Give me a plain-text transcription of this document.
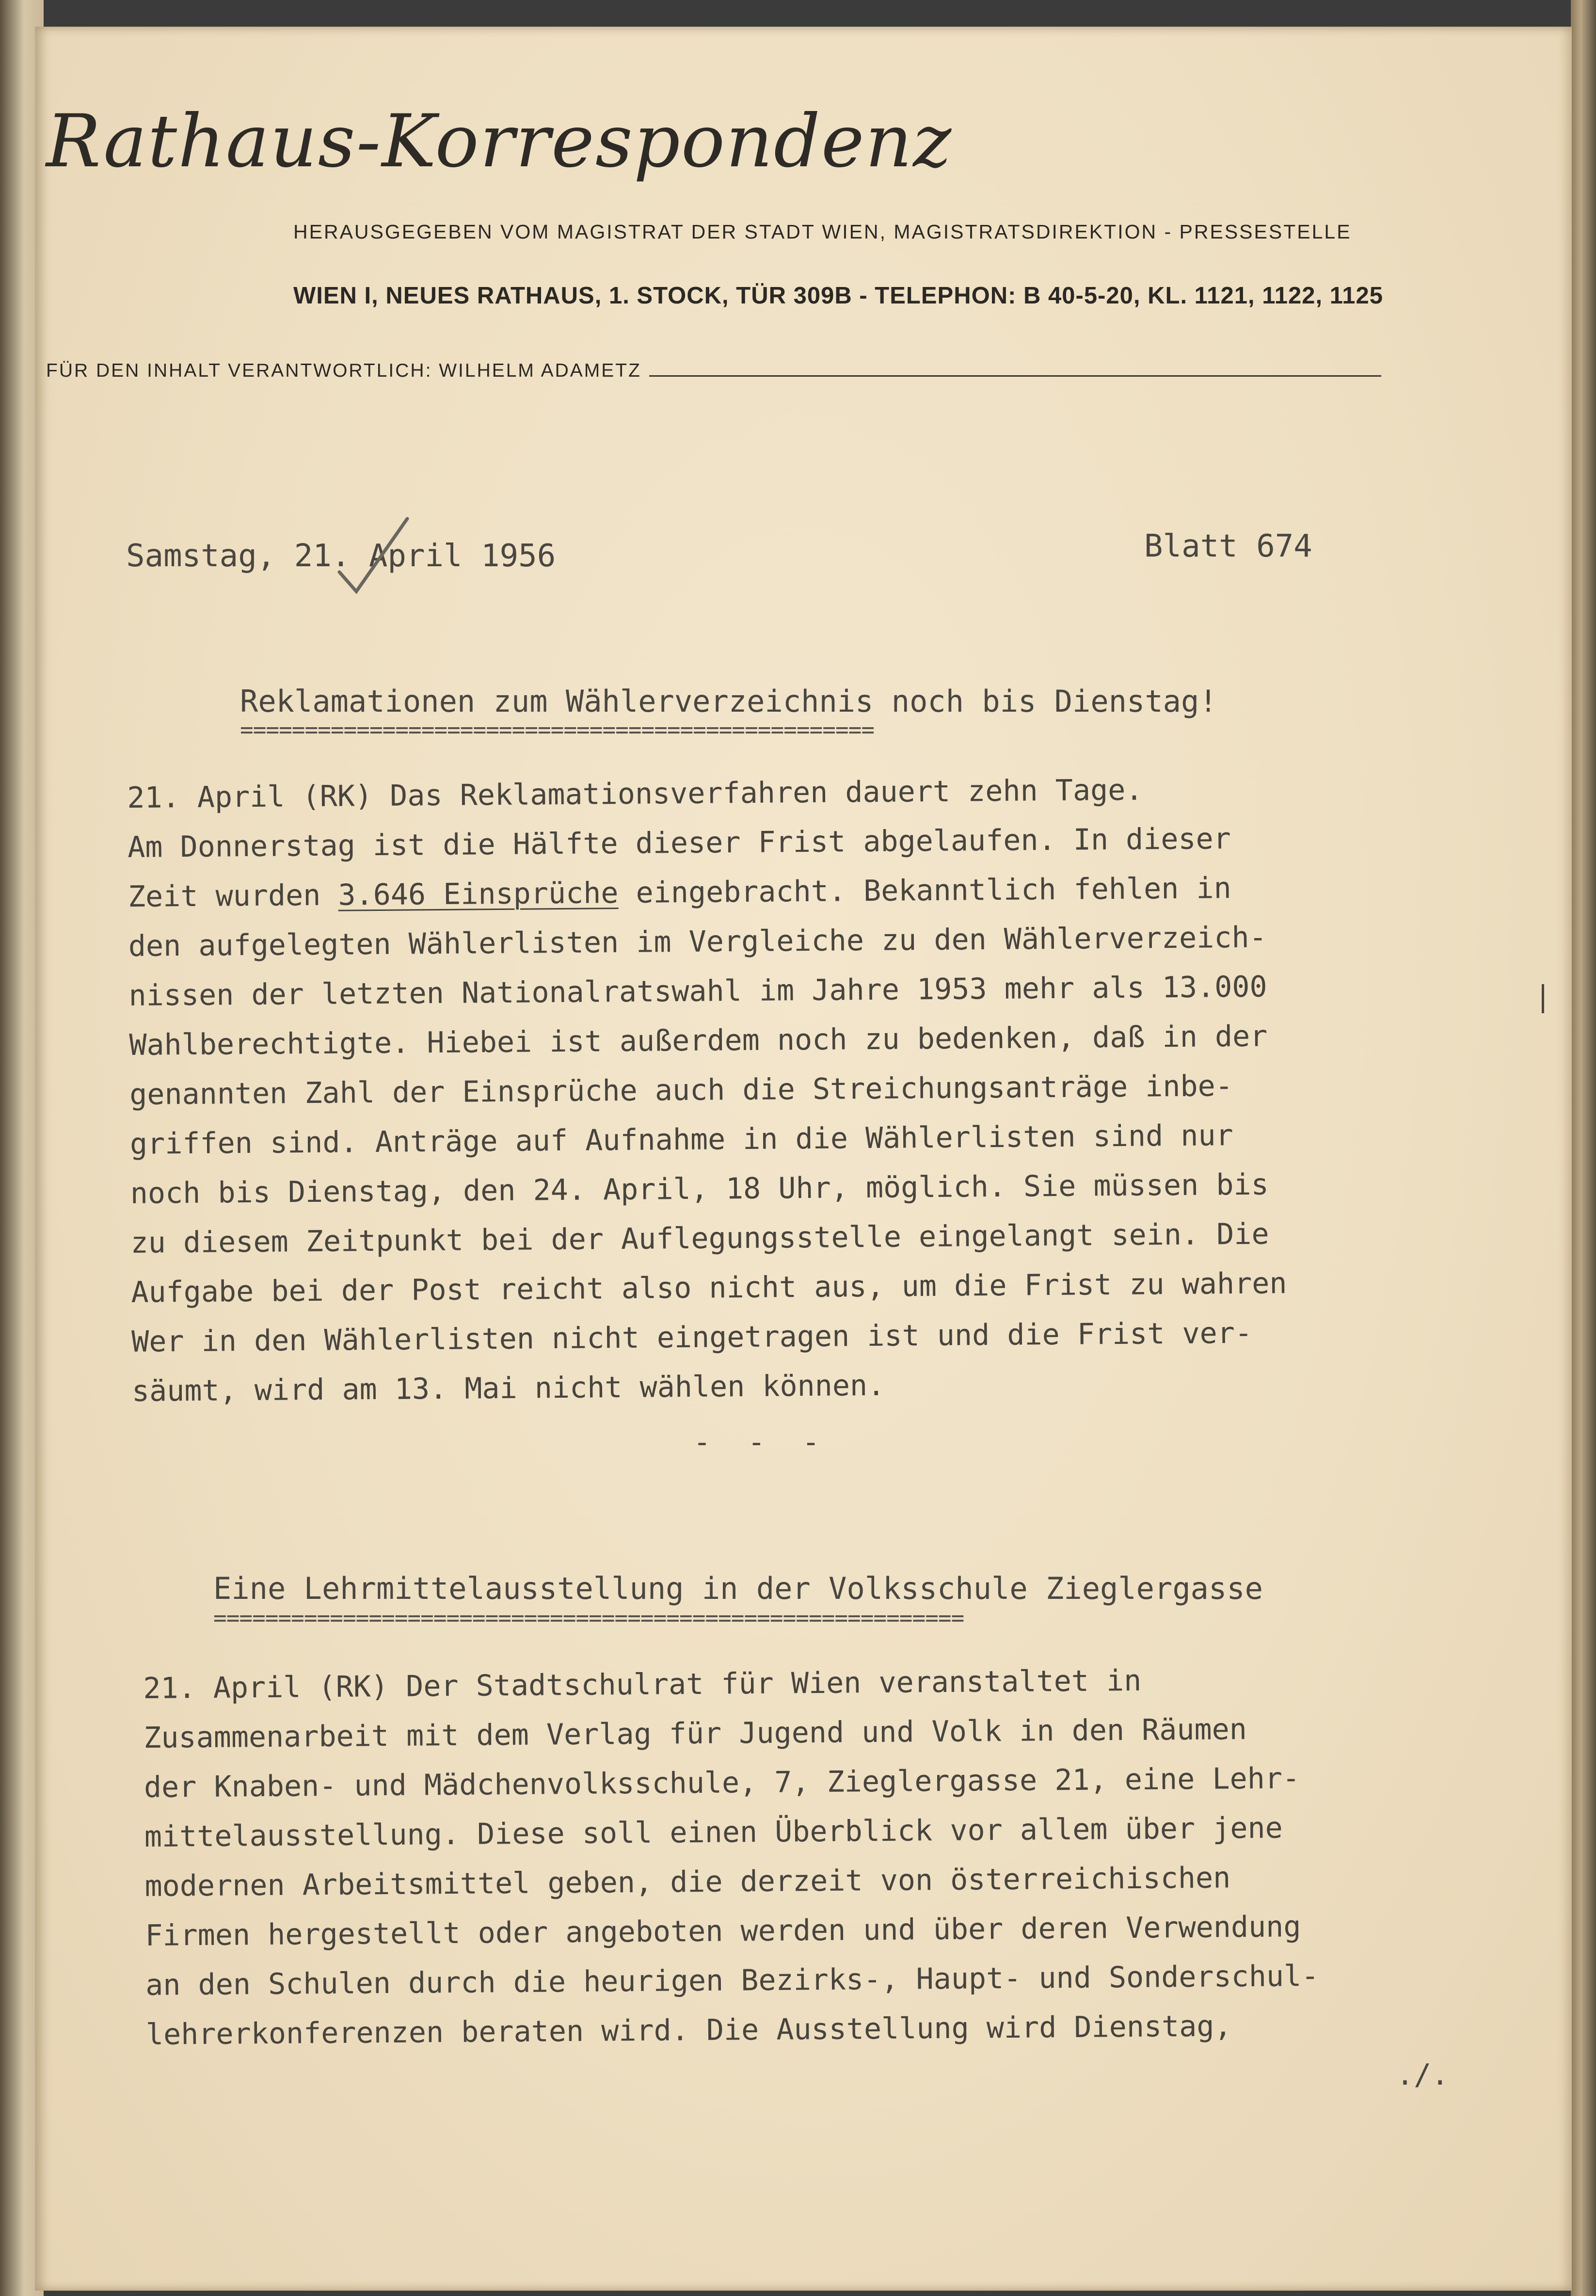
Rathaus-Korrespondenz
HERAUSGEGEBEN VOM MAGISTRAT DER STADT WIEN, MAGISTRATSDIREKTION - PRESSESTELLE
WIEN I, NEUES RATHAUS, 1. STOCK, TÜR 309B - TELEPHON: B 40-5-20, KL. 1121, 1122, 1125
FÜR DEN INHALT VERANTWORTLICH: WILHELM ADAMETZ
Samstag, 21. April 1956	Blatt 674
Reklamationen zum Wählerverzeichnis noch bis Dienstag!
=================================================
21. April (RK) Das Reklamationsverfahren dauert zehn Tage.
Am Donnerstag ist die Hälfte dieser Frist abgelaufen. In dieser
Zeit wurden 3.646 Einsprüche eingebracht. Bekanntlich fehlen in
den aufgelegten Wählerlisten im Vergleiche zu den Wählerverzeich-
nissen der letzten Nationalratswahl im Jahre 1953 mehr als 13.000
Wahlberechtigte. Hiebei ist außerdem noch zu bedenken, daß in der
genannten Zahl der Einsprüche auch die Streichungsanträge inbe-
griffen sind. Anträge auf Aufnahme in die Wählerlisten sind nur
noch bis Dienstag, den 24. April, 18 Uhr, möglich. Sie müssen bis
zu diesem Zeitpunkt bei der Auflegungsstelle eingelangt sein. Die
Aufgabe bei der Post reicht also nicht aus, um die Frist zu wahren
Wer in den Wählerlisten nicht eingetragen ist und die Frist ver-
säumt, wird am 13. Mai nicht wählen können.
- - -
Eine Lehrmittelausstellung in der Volksschule Zieglergasse
==========================================================
21. April (RK) Der Stadtschulrat für Wien veranstaltet in
Zusammenarbeit mit dem Verlag für Jugend und Volk in den Räumen
der Knaben- und Mädchenvolksschule, 7, Zieglergasse 21, eine Lehr-
mittelausstellung. Diese soll einen Überblick vor allem über jene
modernen Arbeitsmittel geben, die derzeit von österreichischen
Firmen hergestellt oder angeboten werden und über deren Verwendung
an den Schulen durch die heurigen Bezirks-, Haupt- und Sonderschul-
lehrerkonferenzen beraten wird. Die Ausstellung wird Dienstag,
./.
